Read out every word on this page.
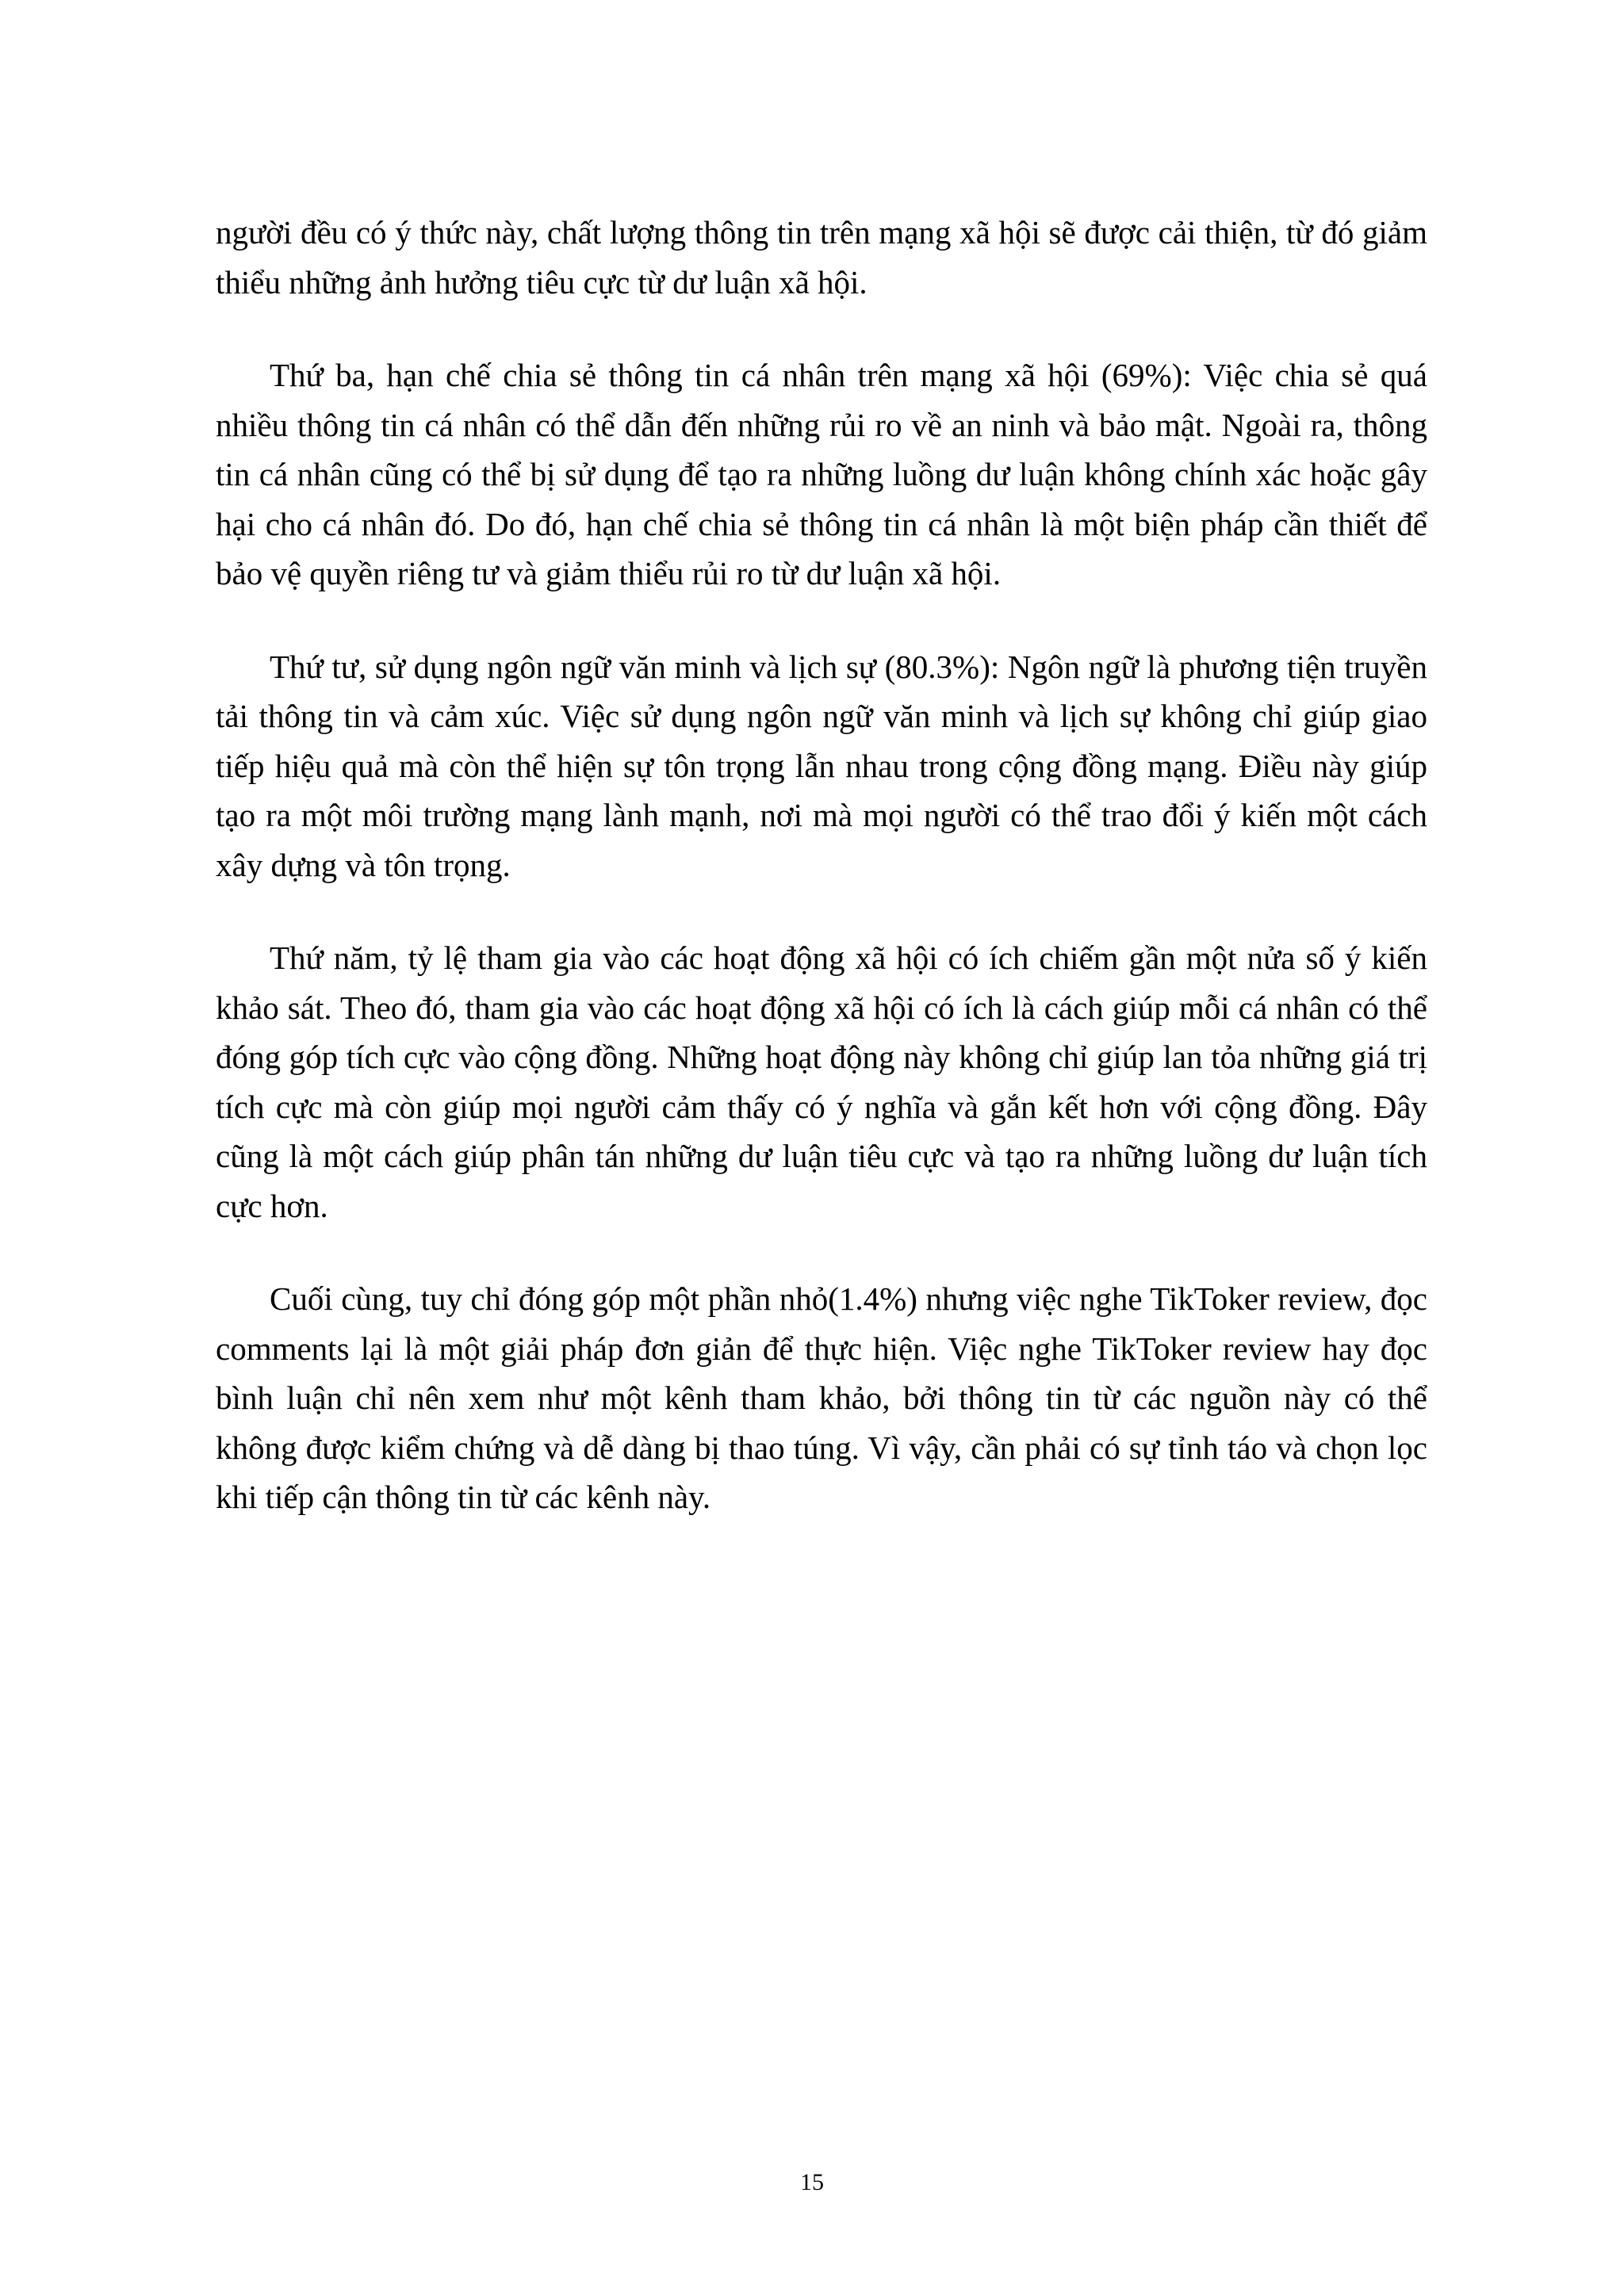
người đều có ý thức này, chất lượng thông tin trên mạng xã hội sẽ được cải thiện, từ đó giảm thiểu những ảnh hưởng tiêu cực từ dư luận xã hội.

Thứ ba, hạn chế chia sẻ thông tin cá nhân trên mạng xã hội (69%): Việc chia sẻ quá nhiều thông tin cá nhân có thể dẫn đến những rủi ro về an ninh và bảo mật. Ngoài ra, thông tin cá nhân cũng có thể bị sử dụng để tạo ra những luồng dư luận không chính xác hoặc gây hại cho cá nhân đó. Do đó, hạn chế chia sẻ thông tin cá nhân là một biện pháp cần thiết để bảo vệ quyền riêng tư và giảm thiểu rủi ro từ dư luận xã hội.

Thứ tư, sử dụng ngôn ngữ văn minh và lịch sự (80.3%): Ngôn ngữ là phương tiện truyền tải thông tin và cảm xúc. Việc sử dụng ngôn ngữ văn minh và lịch sự không chỉ giúp giao tiếp hiệu quả mà còn thể hiện sự tôn trọng lẫn nhau trong cộng đồng mạng. Điều này giúp tạo ra một môi trường mạng lành mạnh, nơi mà mọi người có thể trao đổi ý kiến một cách xây dựng và tôn trọng.

Thứ năm, tỷ lệ tham gia vào các hoạt động xã hội có ích chiếm gần một nửa số ý kiến khảo sát. Theo đó, tham gia vào các hoạt động xã hội có ích là cách giúp mỗi cá nhân có thể đóng góp tích cực vào cộng đồng. Những hoạt động này không chỉ giúp lan tỏa những giá trị tích cực mà còn giúp mọi người cảm thấy có ý nghĩa và gắn kết hơn với cộng đồng. Đây cũng là một cách giúp phân tán những dư luận tiêu cực và tạo ra những luồng dư luận tích cực hơn.

Cuối cùng, tuy chỉ đóng góp một phần nhỏ(1.4%) nhưng việc nghe TikToker review, đọc comments lại là một giải pháp đơn giản để thực hiện. Việc nghe TikToker review hay đọc bình luận chỉ nên xem như một kênh tham khảo, bởi thông tin từ các nguồn này có thể không được kiểm chứng và dễ dàng bị thao túng. Vì vậy, cần phải có sự tỉnh táo và chọn lọc khi tiếp cận thông tin từ các kênh này.

15
